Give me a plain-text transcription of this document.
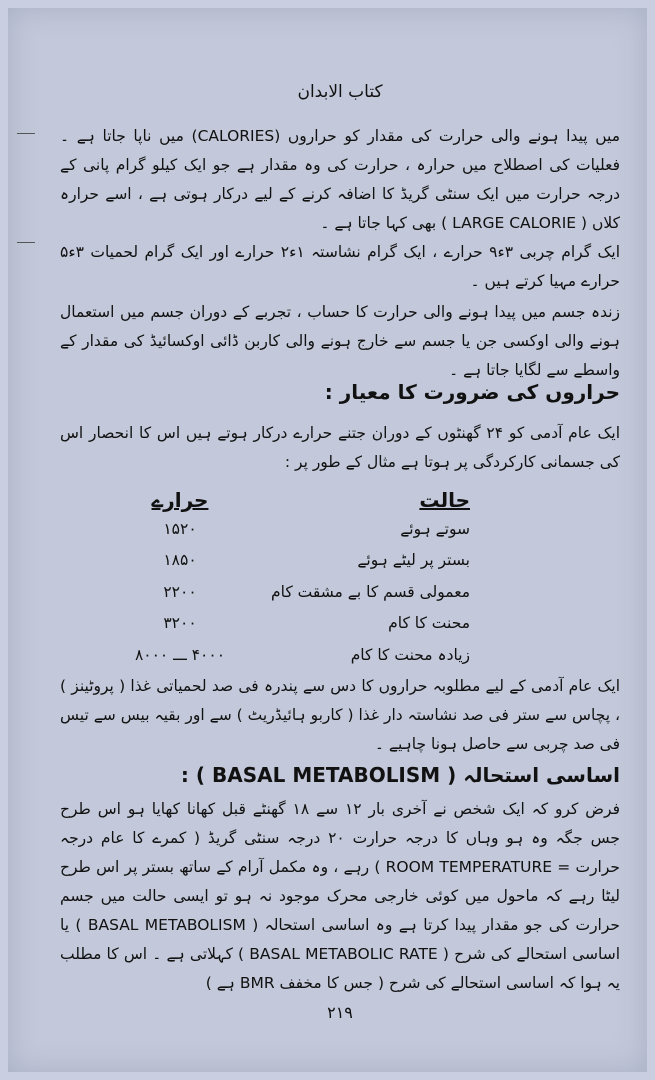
کتاب الابدان
میں پیدا ہونے والی حرارت کی مقدار کو حراروں (CALORIES) میں ناپا جاتا ہے ۔ فعلیات کی اصطلاح میں حرارہ ، حرارت کی وہ مقدار ہے جو ایک کیلو گرام پانی کے درجہ حرارت میں ایک سنٹی گریڈ کا اضافہ کرنے کے لیے درکار ہوتی ہے ، اسے حرارہ کلاں ( LARGE CALORIE ) بھی کہا جاتا ہے ۔
ایک گرام چربی ۳ء۹ حرارے ، ایک گرام نشاستہ ۱ء۲ حرارے اور ایک گرام لحمیات ۳ء۵ حرارے مہیا کرتے ہیں ۔
زندہ جسم میں پیدا ہونے والی حرارت کا حساب ، تجربے کے دوران جسم میں استعمال ہونے والی اوکسی جن یا جسم سے خارج ہونے والی کاربن ڈائی اوکسائیڈ کی مقدار کے واسطے سے لگایا جاتا ہے ۔
حراروں کی ضرورت کا معیار :
ایک عام آدمی کو ۲۴ گھنٹوں کے دوران جتنے حرارے درکار ہوتے ہیں اس کا انحصار اس کی جسمانی کارکردگی پر ہوتا ہے مثال کے طور پر :
حالت
حرارے
سوتے ہوئے
۱۵۲۰
بستر پر لیٹے ہوئے
۱۸۵۰
معمولی قسم کا بے مشقت کام
۲۲۰۰
محنت کا کام
۳۲۰۰
زیادہ محنت کا کام
۴۰۰۰ ـــ ۸۰۰۰
ایک عام آدمی کے لیے مطلوبہ حراروں کا دس سے پندرہ فی صد لحمیاتی غذا ( پروٹینز ) ، پچاس سے ستر فی صد نشاستہ دار غذا ( کاربو ہائیڈریٹ ) سے اور بقیہ بیس سے تیس فی صد چربی سے حاصل ہونا چاہیے ۔
اساسی استحالہ ( BASAL METABOLISM ) :
فرض کرو کہ ایک شخص نے آخری بار ۱۲ سے ۱۸ گھنٹے قبل کھانا کھایا ہو اس طرح جس جگہ وہ ہو وہاں کا درجہ حرارت ۲۰ درجہ سنٹی گریڈ ( کمرے کا عام درجہ حرارت = ROOM TEMPERATURE ) رہے ، وہ مکمل آرام کے ساتھ بستر پر اس طرح لیٹا رہے کہ ماحول میں کوئی خارجی محرک موجود نہ ہو تو ایسی حالت میں جسم حرارت کی جو مقدار پیدا کرتا ہے وہ اساسی استحالہ ( BASAL METABOLISM ) یا اساسی استحالے کی شرح ( BASAL METABOLIC RATE ) کہلاتی ہے ۔ اس کا مطلب یہ ہوا کہ اساسی استحالے کی شرح ( جس کا مخفف BMR ہے )
۲۱۹
